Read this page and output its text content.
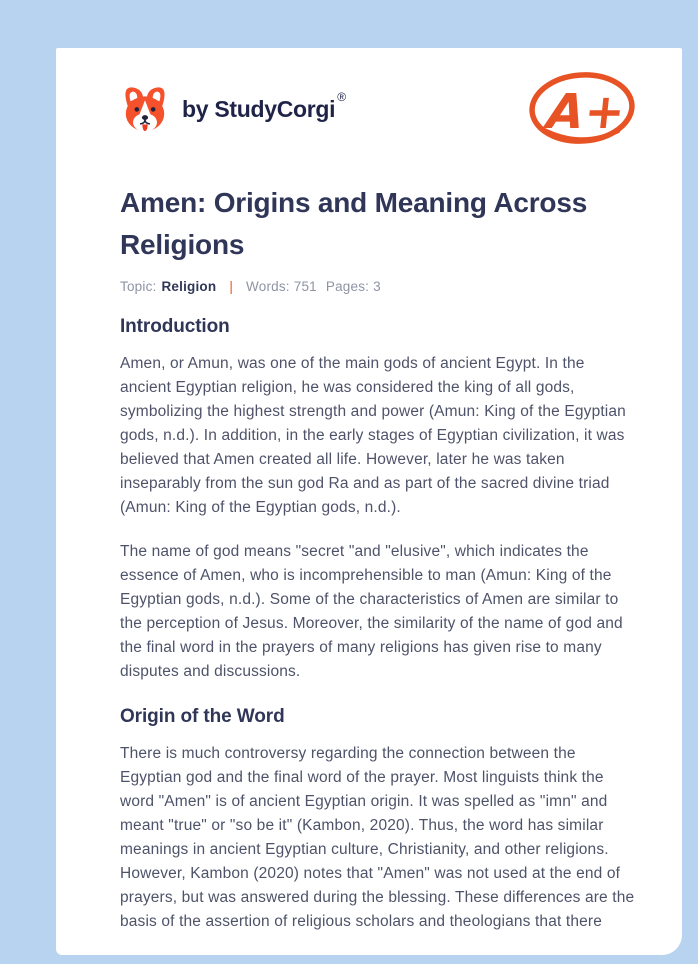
by StudyCorgi ®	A+
Amen: Origins and Meaning Across Religions
Topic: Religion | Words: 751 Pages: 3
Introduction

Amen, or Amun, was one of the main gods of ancient Egypt. In the ancient Egyptian religion, he was considered the king of all gods, symbolizing the highest strength and power (Amun: King of the Egyptian gods, n.d.). In addition, in the early stages of Egyptian civilization, it was believed that Amen created all life. However, later he was taken inseparably from the sun god Ra and as part of the sacred divine triad (Amun: King of the Egyptian gods, n.d.).

The name of god means "secret "and "elusive", which indicates the essence of Amen, who is incomprehensible to man (Amun: King of the Egyptian gods, n.d.). Some of the characteristics of Amen are similar to the perception of Jesus. Moreover, the similarity of the name of god and the final word in the prayers of many religions has given rise to many disputes and discussions.

Origin of the Word

There is much controversy regarding the connection between the Egyptian god and the final word of the prayer. Most linguists think the word "Amen" is of ancient Egyptian origin. It was spelled as "imn" and meant "true" or "so be it" (Kambon, 2020). Thus, the word has similar meanings in ancient Egyptian culture, Christianity, and other religions. However, Kambon (2020) notes that "Amen" was not used at the end of prayers, but was answered during the blessing. These differences are the basis of the assertion of religious scholars and theologians that there
